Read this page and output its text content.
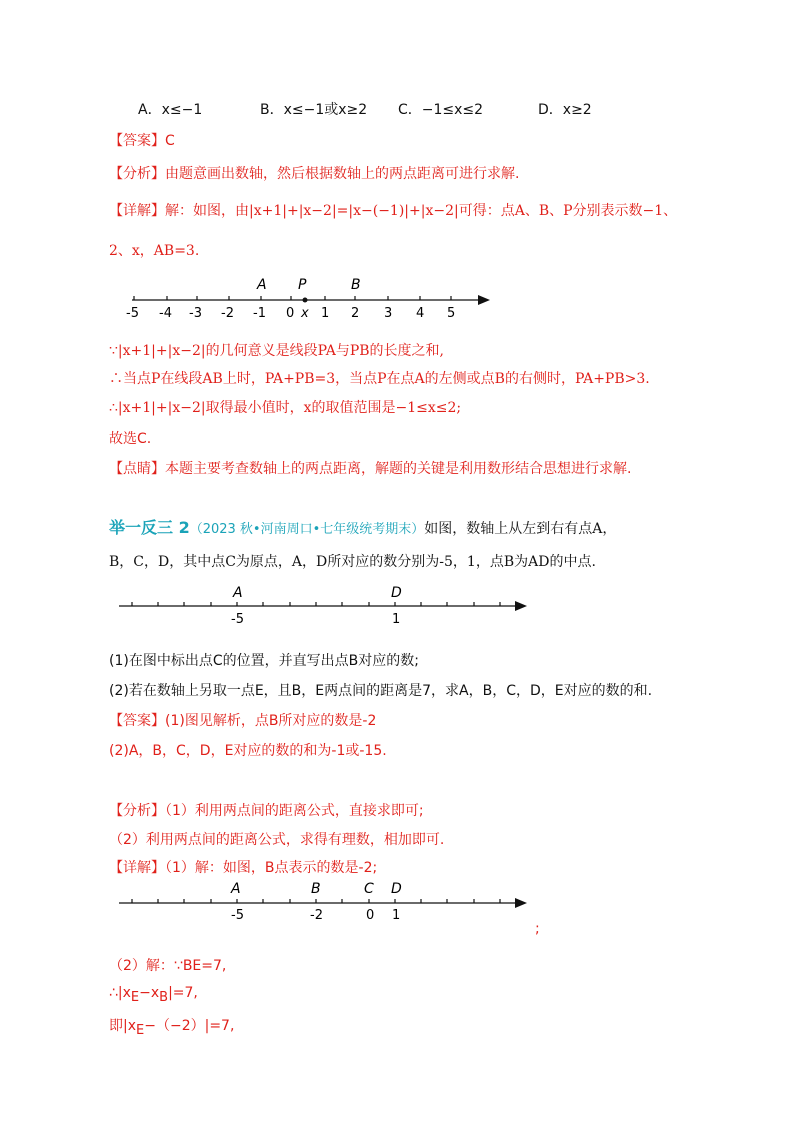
A．x≤−1	B．x≤−1或x≥2 C．−1≤x≤2	D．x≥2
【答案】C
【分析】由题意画出数轴，然后根据数轴上的两点距离可进行求解.
【详解】解：如图，由|x+1|+|x−2|=|x−(−1)|+|x−2|可得：点A、B、P分别表示数−1、
2、x，AB=3.
A P	B
-5 -4 -3 -2 -1 0 x 1 2 3 4 5
∵|x+1|+|x−2|的几何意义是线段PA与PB的长度之和,
∴当点P在线段AB上时，PA+PB=3，当点P在点A的左侧或点B的右侧时，PA+PB>3.
∴|x+1|+|x−2|取得最小值时，x的取值范围是−1≤x≤2;
故选C.
【点睛】本题主要考查数轴上的两点距离，解题的关键是利用数形结合思想进行求解.
举一反三 2（2023 秋•河南周口•七年级统考期末）如图，数轴上从左到右有点A，
B，C，D，其中点C为原点，A，D所对应的数分别为-5，1，点B为AD的中点.
A	D
-5	1
(1)在图中标出点C的位置，并直写出点B对应的数;
(2)若在数轴上另取一点E，且B，E两点间的距离是7，求A，B，C，D，E对应的数的和.
【答案】(1)图见解析，点B所对应的数是-2
(2)A，B，C，D，E对应的数的和为-1或-15.
【分析】（1）利用两点间的距离公式，直接求即可;
（2）利用两点间的距离公式，求得有理数，相加即可.
【详解】（1）解：如图，B点表示的数是-2;
A	B	C D
-5	-2	0 1
;
（2）解：∵BE=7,
$\therefore|x_E-x_B|=7$,
即$|x_E-(-2)|=7$,
